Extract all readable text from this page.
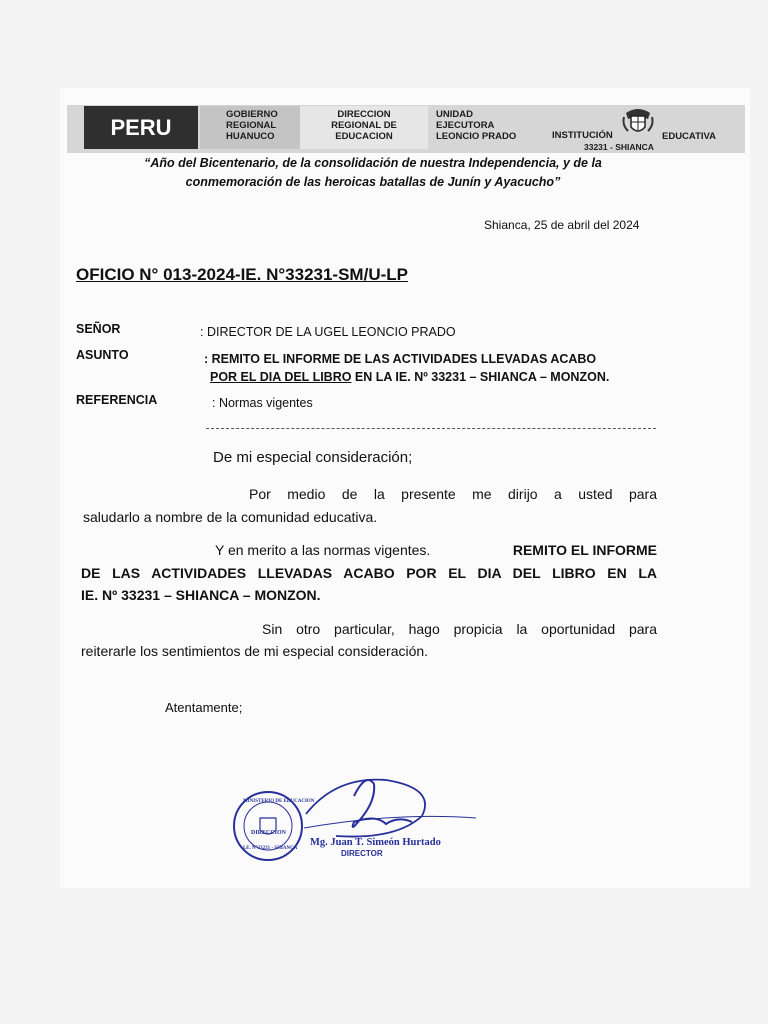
PERU	GOBIERNO
REGIONAL
HUANUCO
DIRECCION
REGIONAL DE
EDUCACION
UNIDAD
EJECUTORA
LEONCIO PRADO	INSTITUCIÓN	EDUCATIVA
33231 - SHIANCA
“Año del Bicentenario, de la consolidación de nuestra Independencia, y de la
conmemoración de las heroicas batallas de Junín y Ayacucho”
Shianca, 25 de abril del 2024
OFICIO N° 013-2024-IE. N°33231-SM/U-LP
SEÑOR	: DIRECTOR DE LA UGEL LEONCIO PRADO
ASUNTO	: REMITO EL INFORME DE LAS ACTIVIDADES LLEVADAS ACABO
POR EL DIA DEL LIBRO EN LA IE. Nº 33231 – SHIANCA – MONZON.
REFERENCIA	: Normas vigentes
De mi especial consideración;
Por medio de la presente me dirijo a usted para
saludarlo a nombre de la comunidad educativa.
Y en merito a las normas vigentes.	REMITO EL INFORME
DE LAS ACTIVIDADES LLEVADAS ACABO POR EL DIA DEL LIBRO EN LA
IE. Nº 33231 – SHIANCA – MONZON.
Sin otro particular, hago propicia la oportunidad para
reiterarle los sentimientos de mi especial consideración.
Atentamente;
MINISTERIO DE EDUCACION
DIRECCION
I.E. N°33231 - SHIANCA
Mg. Juan T. Simeón Hurtado
DIRECTOR
